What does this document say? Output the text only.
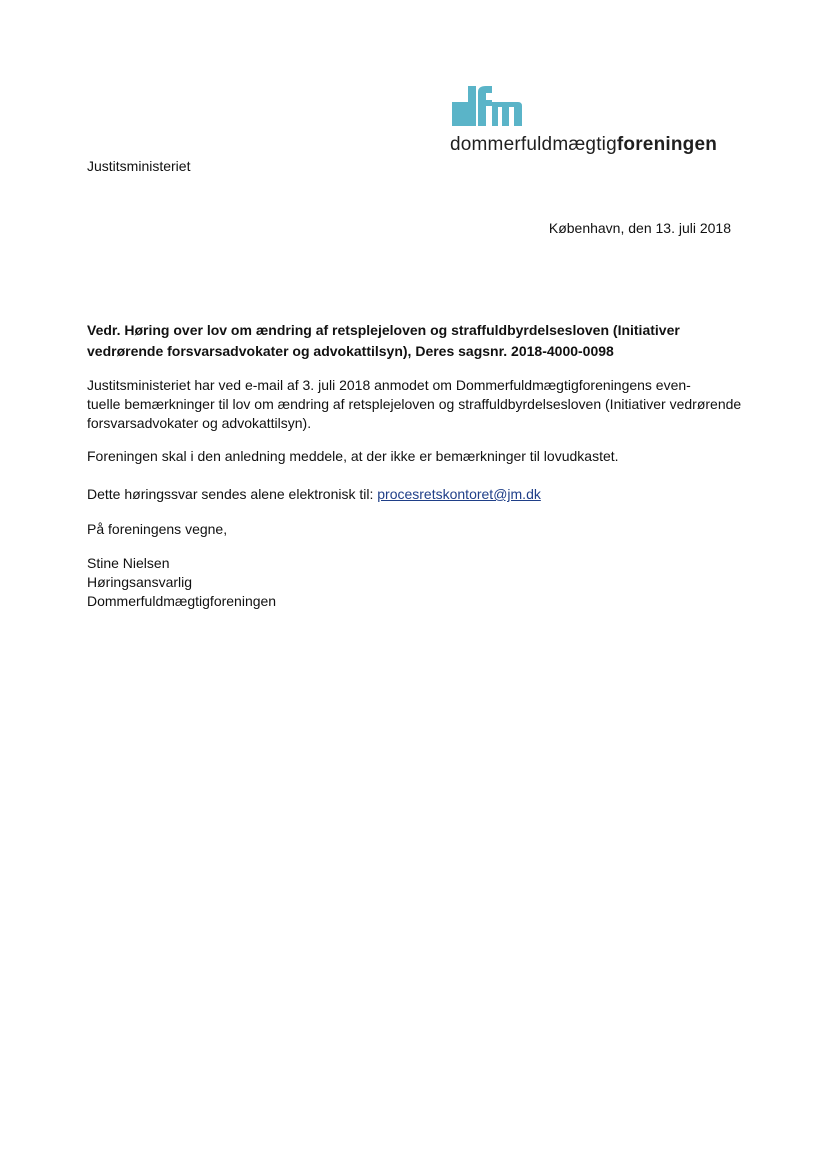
dommerfuldmægtigforeningen
Justitsministeriet
København, den 13. juli 2018
Vedr. Høring over lov om ændring af retsplejeloven og straffuldbyrdelsesloven (Initiativer vedrørende forsvarsadvokater og advokattilsyn), Deres sagsnr. 2018-4000-0098
Justitsministeriet har ved e-mail af 3. juli 2018 anmodet om Dommerfuldmægtigforeningens even-
tuelle bemærkninger til lov om ændring af retsplejeloven og straffuldbyrdelsesloven (Initiativer vedrørende
forsvarsadvokater og advokattilsyn).
Foreningen skal i den anledning meddele, at der ikke er bemærkninger til lovudkastet.
Dette høringssvar sendes alene elektronisk til: procesretskontoret@jm.dk
På foreningens vegne,
Stine Nielsen
Høringsansvarlig
Dommerfuldmægtigforeningen
